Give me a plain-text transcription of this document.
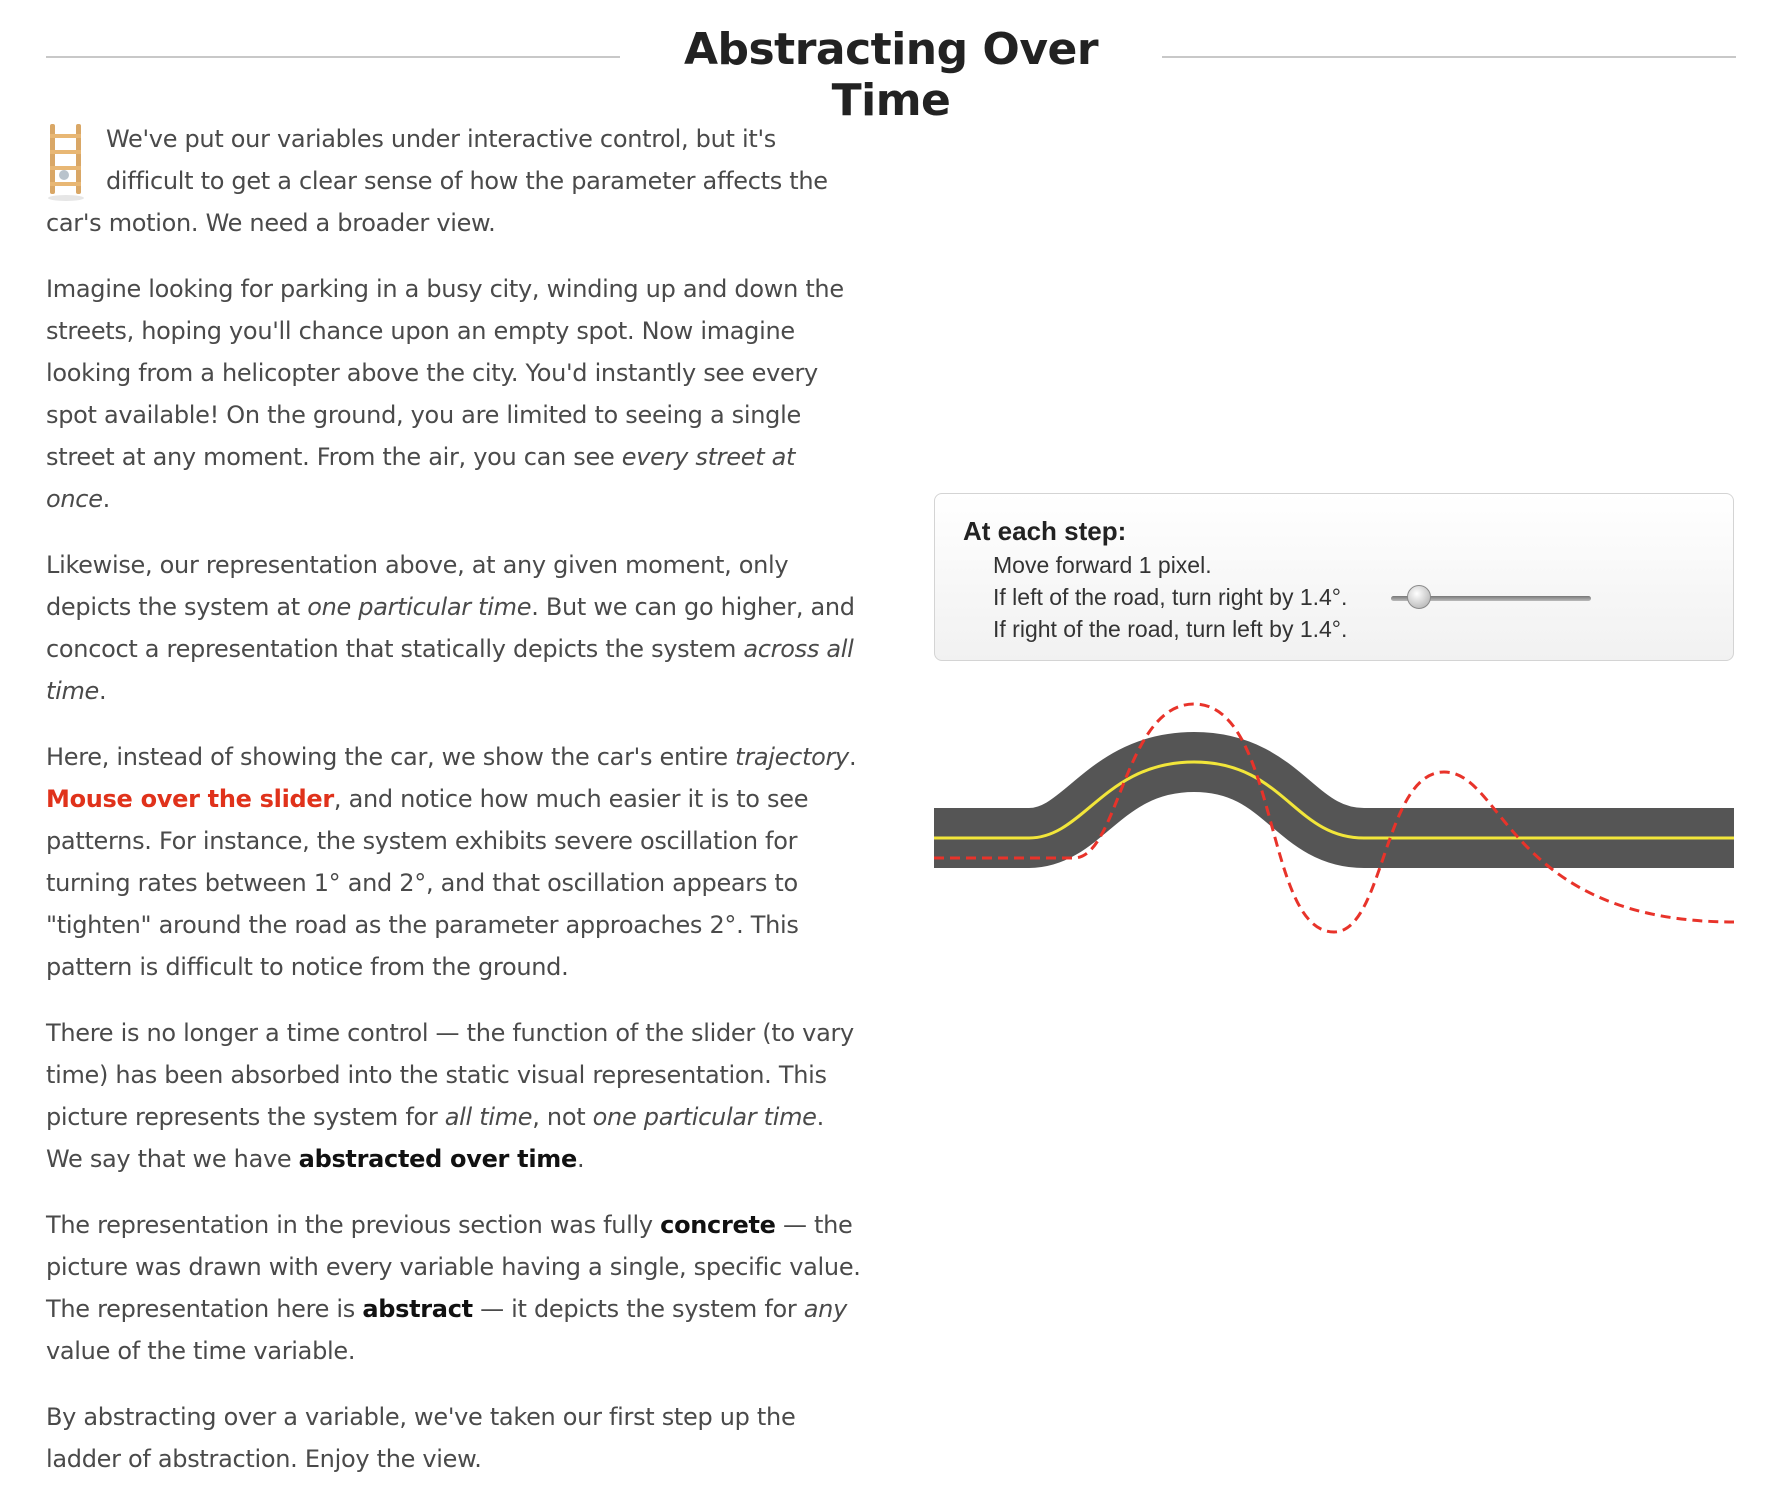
Abstracting Over Time

We've put our variables under interactive control, but it's difficult to get a clear sense of how the parameter affects the car's motion. We need a broader view.

Imagine looking for parking in a busy city, winding up and down the streets, hoping you'll chance upon an empty spot. Now imagine looking from a helicopter above the city. You'd instantly see every spot available! On the ground, you are limited to seeing a single street at any moment. From the air, you can see every street at once.

Likewise, our representation above, at any given moment, only depicts the system at one particular time. But we can go higher, and concoct a representation that statically depicts the system across all time.

Here, instead of showing the car, we show the car's entire trajectory. Mouse over the slider, and notice how much easier it is to see patterns. For instance, the system exhibits severe oscillation for turning rates between 1° and 2°, and that oscillation appears to "tighten" around the road as the parameter approaches 2°. This pattern is difficult to notice from the ground.

There is no longer a time control — the function of the slider (to vary time) has been absorbed into the static visual representation. This picture represents the system for all time, not one particular time. We say that we have abstracted over time.

The representation in the previous section was fully concrete — the picture was drawn with every variable having a single, specific value. The representation here is abstract — it depicts the system for any value of the time variable.

By abstracting over a variable, we've taken our first step up the ladder of abstraction. Enjoy the view.

At each step:
Move forward 1 pixel.
If left of the road, turn right by 1.4°.
If right of the road, turn left by 1.4°.
